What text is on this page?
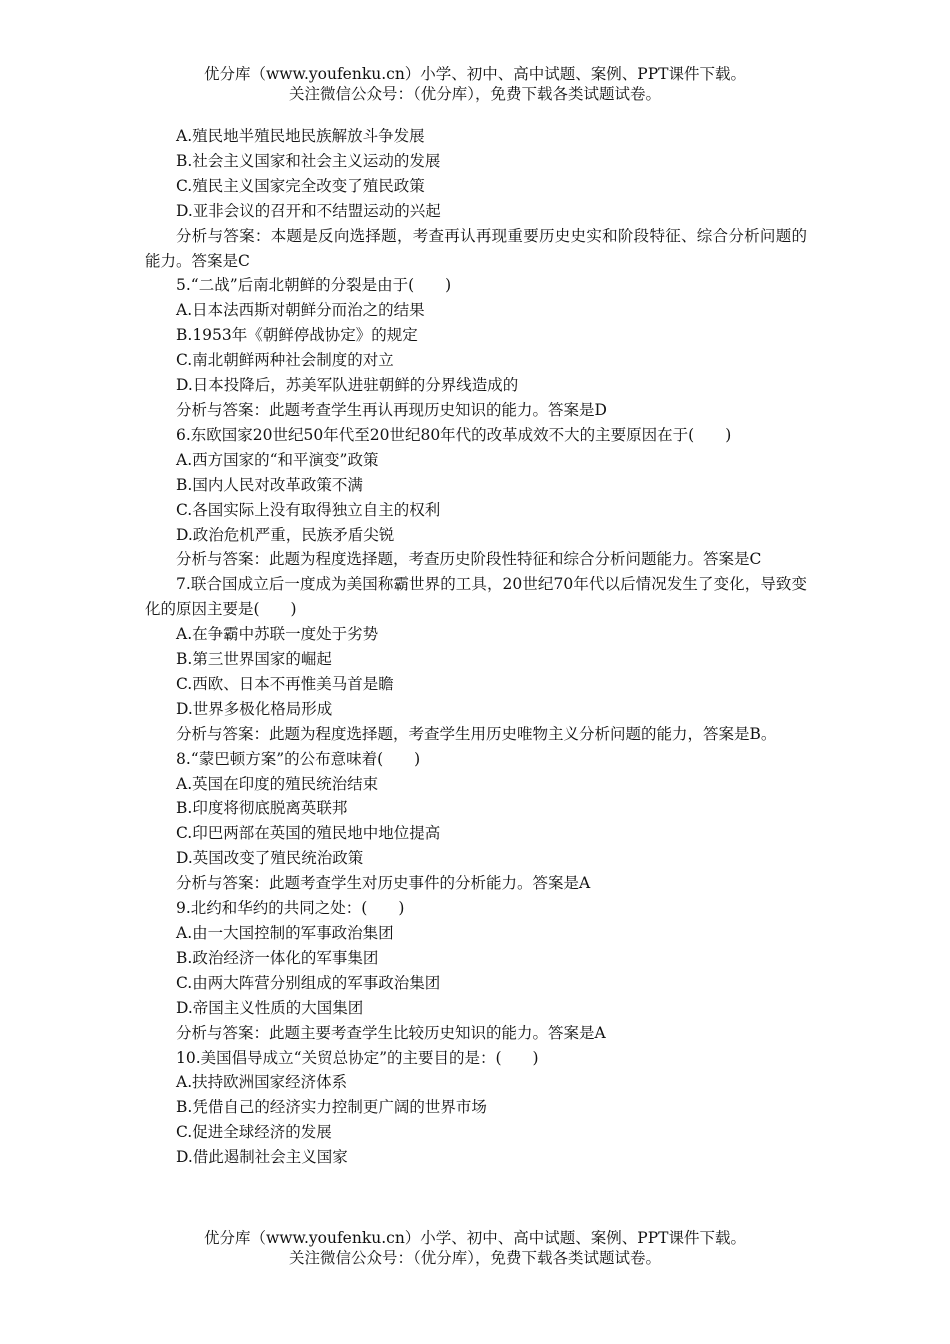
优分库（www.youfenku.cn）小学、初中、高中试题、案例、PPT课件下载。
关注微信公众号：（优分库），免费下载各类试题试卷。
A.殖民地半殖民地民族解放斗争发展
B.社会主义国家和社会主义运动的发展
C.殖民主义国家完全改变了殖民政策
D.亚非会议的召开和不结盟运动的兴起
分析与答案：本题是反向选择题，考查再认再现重要历史史实和阶段特征、综合分析问题的能力。答案是C
5.“二战”后南北朝鲜的分裂是由于(　　)
A.日本法西斯对朝鲜分而治之的结果
B.1953年《朝鲜停战协定》的规定
C.南北朝鲜两种社会制度的对立
D.日本投降后，苏美军队进驻朝鲜的分界线造成的
分析与答案：此题考查学生再认再现历史知识的能力。答案是D
6.东欧国家20世纪50年代至20世纪80年代的改革成效不大的主要原因在于(　　)
A.西方国家的“和平演变”政策
B.国内人民对改革政策不满
C.各国实际上没有取得独立自主的权利
D.政治危机严重，民族矛盾尖锐
分析与答案：此题为程度选择题，考查历史阶段性特征和综合分析问题能力。答案是C
7.联合国成立后一度成为美国称霸世界的工具，20世纪70年代以后情况发生了变化，导致变化的原因主要是(　　)
A.在争霸中苏联一度处于劣势
B.第三世界国家的崛起
C.西欧、日本不再惟美马首是瞻
D.世界多极化格局形成
分析与答案：此题为程度选择题，考查学生用历史唯物主义分析问题的能力，答案是B。
8.“蒙巴顿方案”的公布意味着(　　)
A.英国在印度的殖民统治结束
B.印度将彻底脱离英联邦
C.印巴两部在英国的殖民地中地位提高
D.英国改变了殖民统治政策
分析与答案：此题考查学生对历史事件的分析能力。答案是A
9.北约和华约的共同之处：(　　)
A.由一大国控制的军事政治集团
B.政治经济一体化的军事集团
C.由两大阵营分别组成的军事政治集团
D.帝国主义性质的大国集团
分析与答案：此题主要考查学生比较历史知识的能力。答案是A
10.美国倡导成立“关贸总协定”的主要目的是：(　　)
A.扶持欧洲国家经济体系
B.凭借自己的经济实力控制更广阔的世界市场
C.促进全球经济的发展
D.借此遏制社会主义国家
优分库（www.youfenku.cn）小学、初中、高中试题、案例、PPT课件下载。
关注微信公众号：（优分库），免费下载各类试题试卷。
